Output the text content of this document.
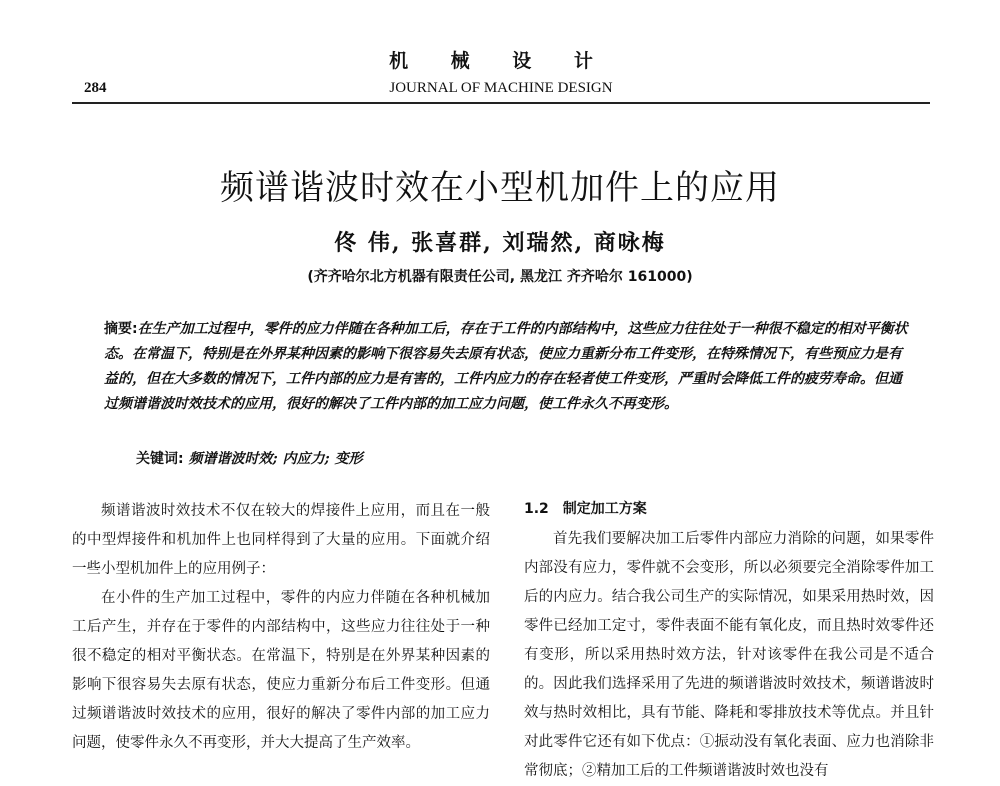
机 械 设 计
284	JOURNAL OF MACHINE DESIGN
频谱谐波时效在小型机加件上的应用
佟 伟, 张喜群, 刘瑞然, 商咏梅
(齐齐哈尔北方机器有限责任公司, 黑龙江 齐齐哈尔 161000)
摘要:在生产加工过程中，零件的应力伴随在各种加工后，存在于工件的内部结构中，这些应力往往处于一种很不稳定的相对平衡状态。在常温下，特别是在外界某种因素的影响下很容易失去原有状态，使应力重新分布工件变形，在特殊情况下，有些预应力是有益的，但在大多数的情况下，工件内部的应力是有害的，工件内应力的存在轻者使工件变形，严重时会降低工件的疲劳寿命。但通过频谱谐波时效技术的应用，很好的解决了工件内部的加工应力问题，使工件永久不再变形。
关键词: 频谱谐波时效; 内应力; 变形

频谱谐波时效技术不仅在较大的焊接件上应用，而且在一般的中型焊接件和机加件上也同样得到了大量的应用。下面就介绍一些小型机加件上的应用例子：

在小件的生产加工过程中，零件的内应力伴随在各种机械加工后产生，并存在于零件的内部结构中，这些应力往往处于一种很不稳定的相对平衡状态。在常温下，特别是在外界某种因素的影响下很容易失去原有状态，使应力重新分布后工件变形。但通过频谱谐波时效技术的应用，很好的解决了零件内部的加工应力问题，使零件永久不再变形，并大大提高了生产效率。

1.2　制定加工方案

首先我们要解决加工后零件内部应力消除的问题，如果零件内部没有应力，零件就不会变形，所以必须要完全消除零件加工后的内应力。结合我公司生产的实际情况，如果采用热时效，因零件已经加工定寸，零件表面不能有氧化皮，而且热时效零件还有变形，所以采用热时效方法，针对该零件在我公司是不适合的。因此我们选择采用了先进的频谱谐波时效技术，频谱谐波时效与热时效相比，具有节能、降耗和零排放技术等优点。并且针对此零件它还有如下优点：①振动没有氧化表面、应力也消除非常彻底；②精加工后的工件频谱谐波时效也没有
